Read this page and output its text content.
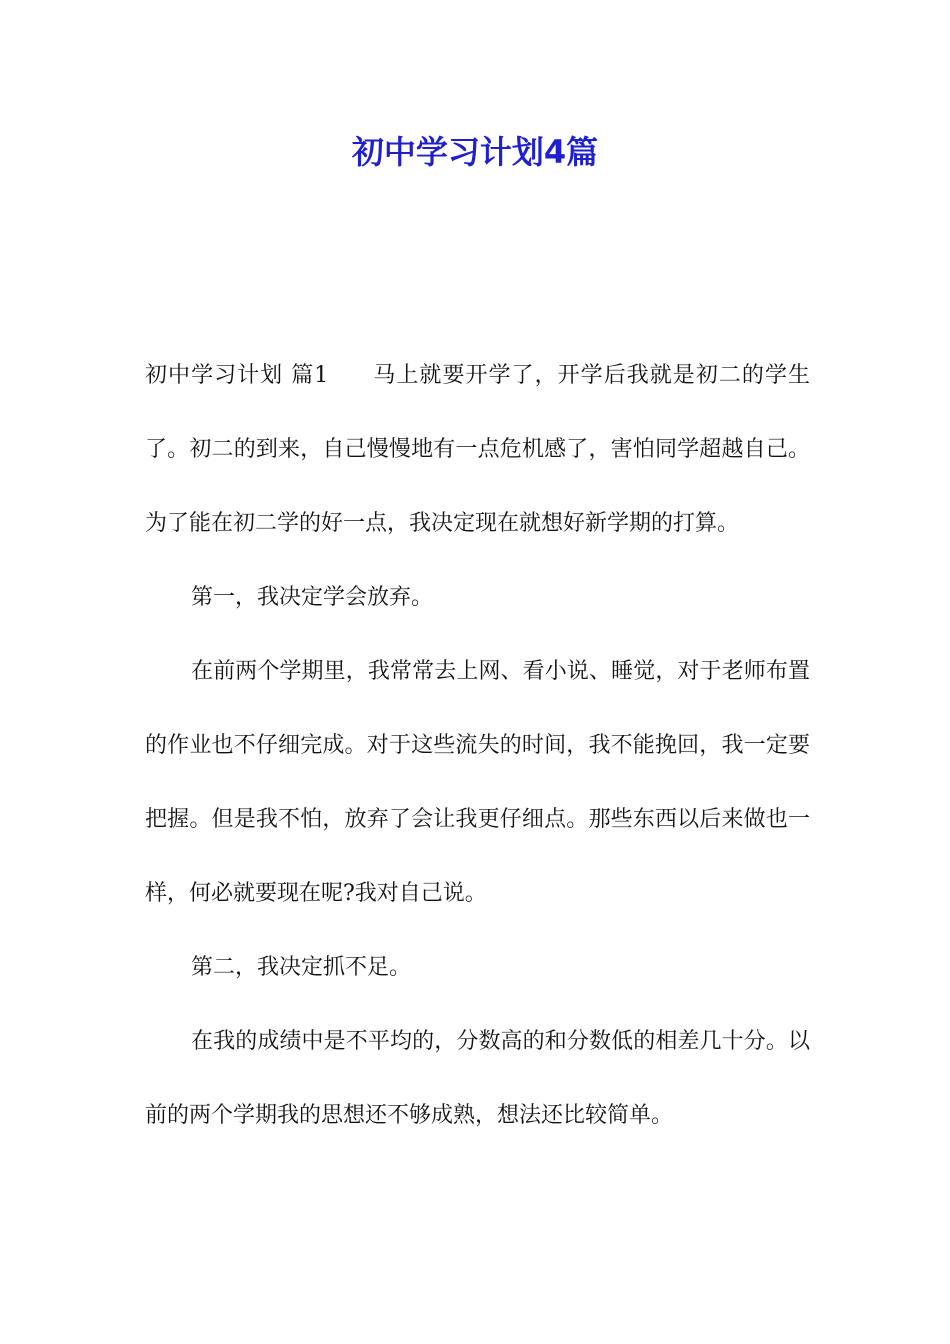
初中学习计划4篇

初中学习计划 篇1 马上就要开学了，开学后我就是初二的学生了。初二的到来，自己慢慢地有一点危机感了，害怕同学超越自己。为了能在初二学的好一点，我决定现在就想好新学期的打算。

第一，我决定学会放弃。

在前两个学期里，我常常去上网、看小说、睡觉，对于老师布置的作业也不仔细完成。对于这些流失的时间，我不能挽回，我一定要把握。但是我不怕，放弃了会让我更仔细点。那些东西以后来做也一样，何必就要现在呢?我对自己说。

第二，我决定抓不足。

在我的成绩中是不平均的，分数高的和分数低的相差几十分。以前的两个学期我的思想还不够成熟，想法还比较简单。
